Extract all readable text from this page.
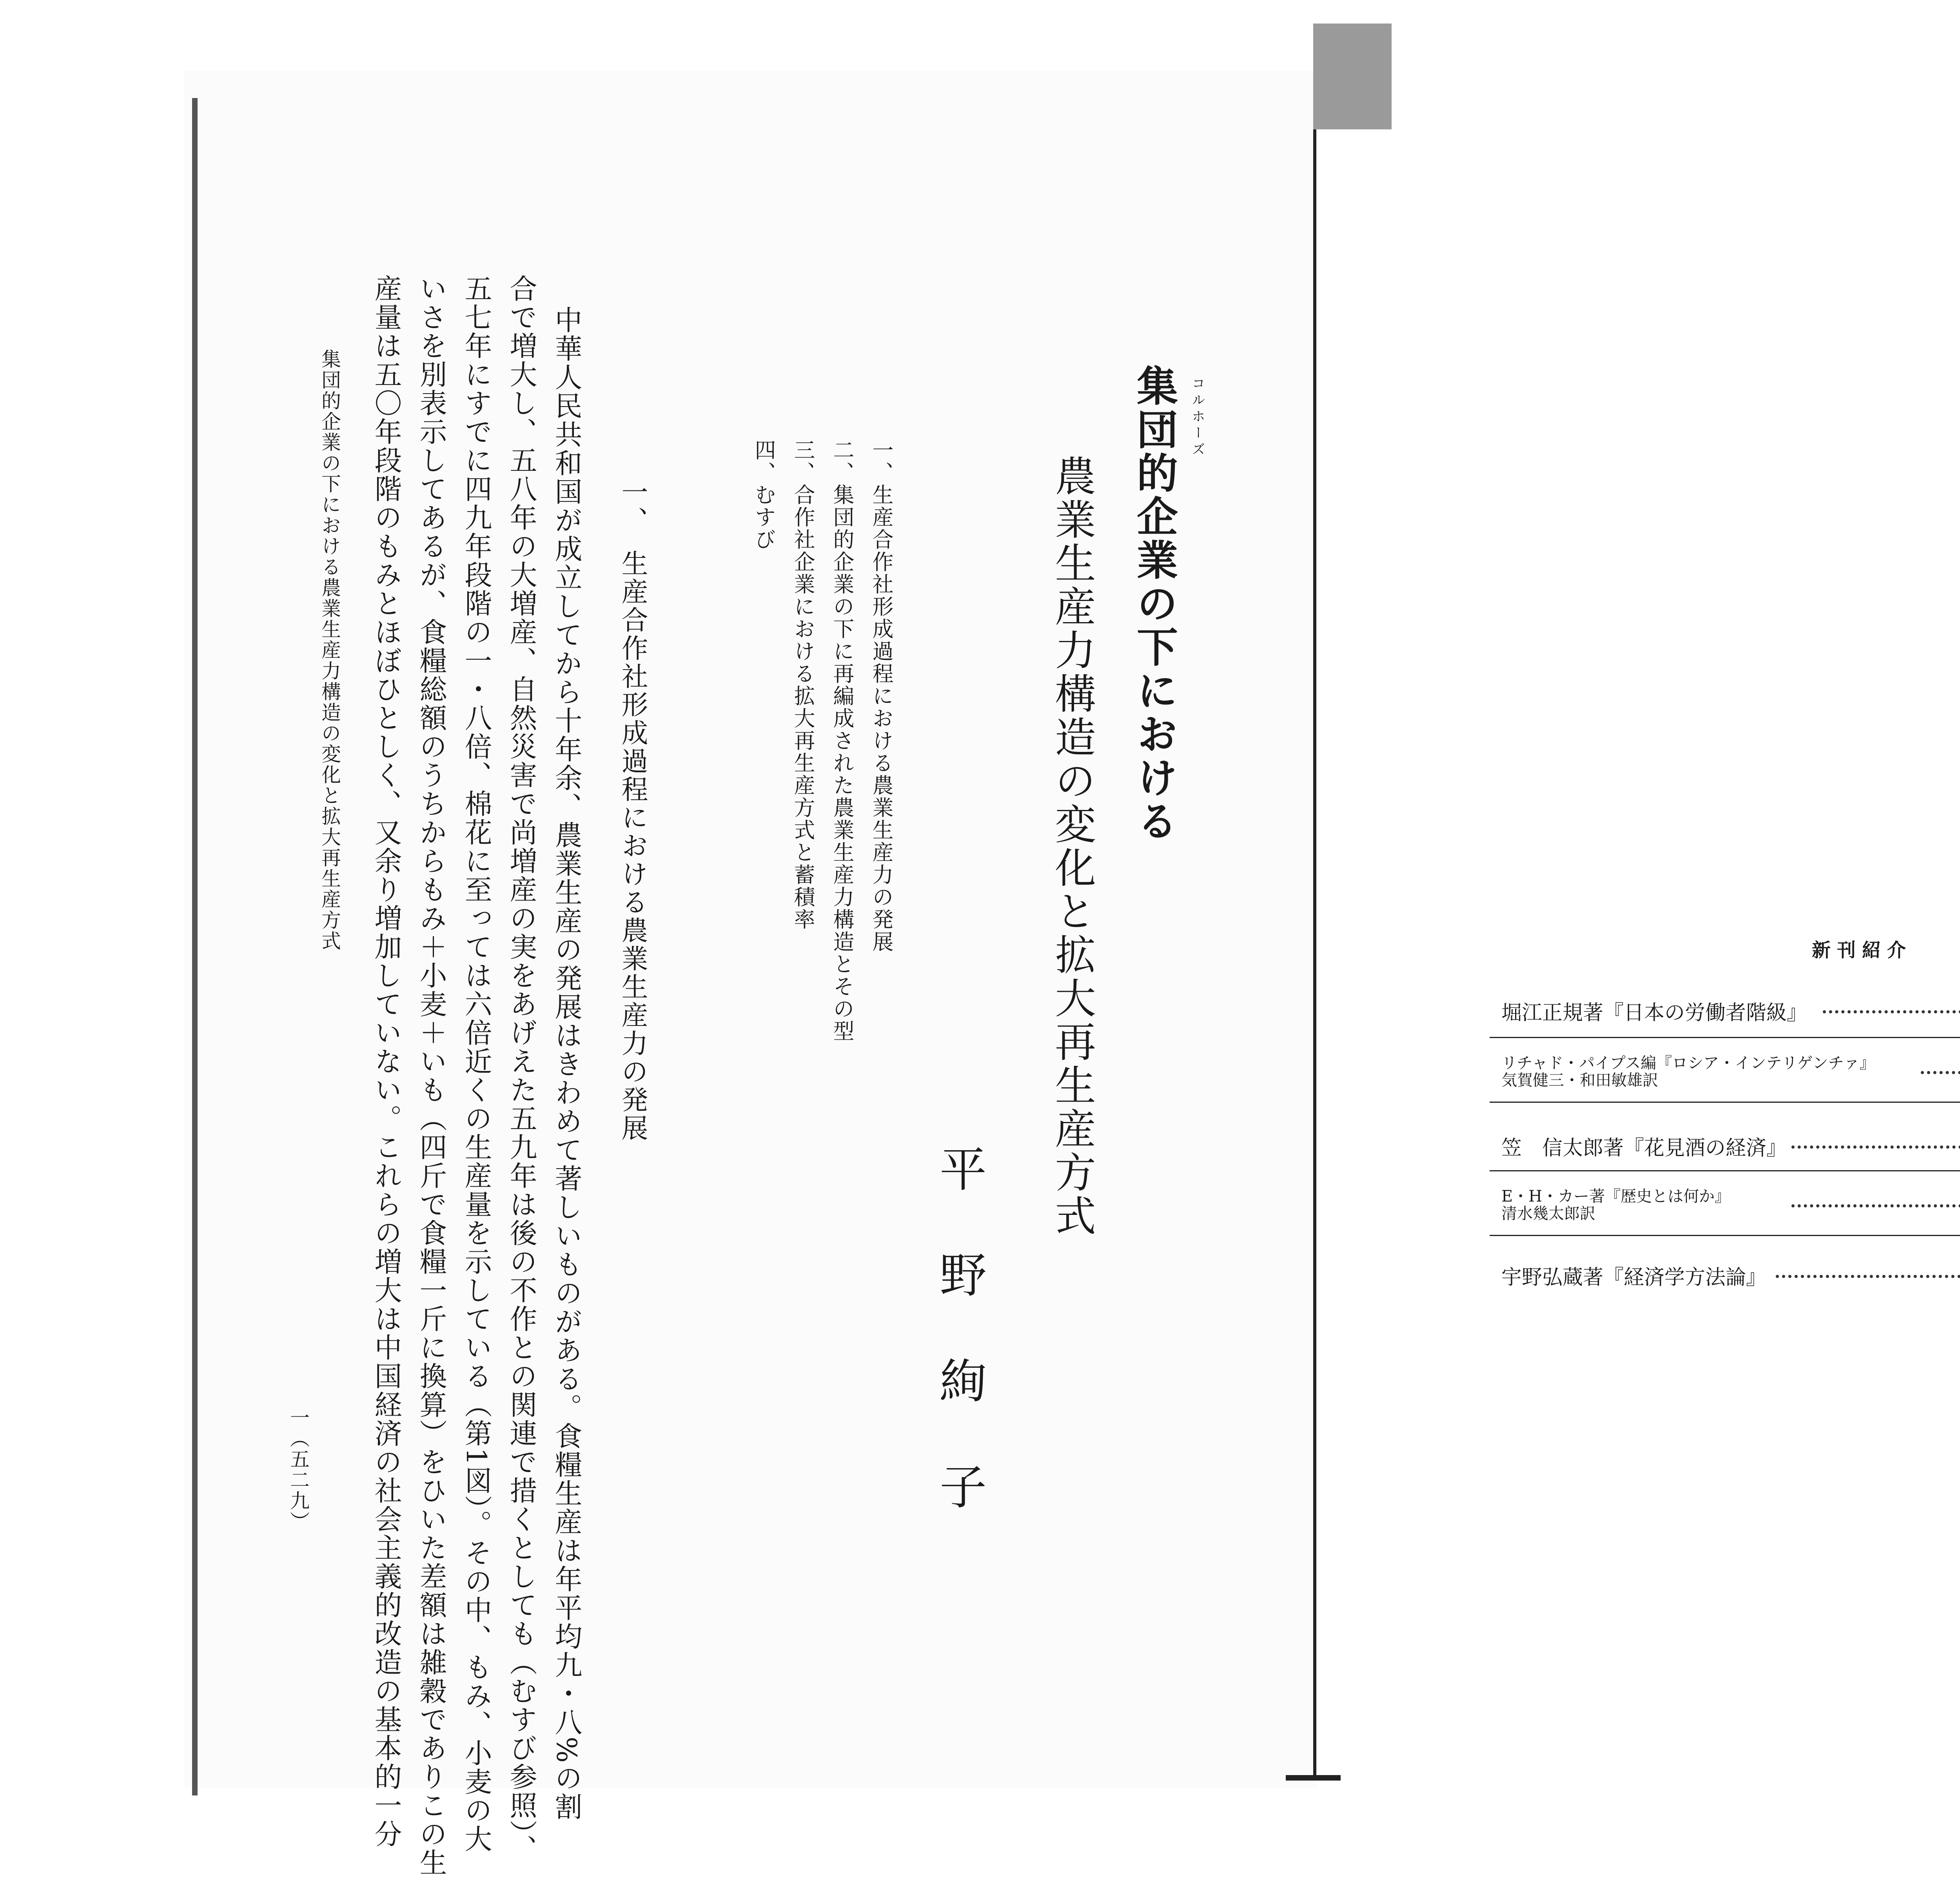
集団的企業の下における コルホーズ
農業生産力構造の変化と拡大再生産方式
平野絢子
一、生産合作社形成過程における農業生産力の発展
二、集団的企業の下に再編成された農業生産力構造とその型
三、合作社企業における拡大再生産方式と蓄積率
四、むすび
一、　生産合作社形成過程における農業生産力の発展
中華人民共和国が成立してから十年余、農業生産の発展はきわめて著しいものがある。食糧生産は年平均九・八%の割
合で増大し、五八年の大増産、自然災害で尚増産の実をあげえた五九年は後の不作との関連で措くとしても（むすび参照）、
五七年にすでに四九年段階の一・八倍、棉花に至っては六倍近くの生産量を示している（第1図）。その中、もみ、小麦の大
いさを別表示してあるが、食糧総額のうちからもみ＋小麦＋いも（四斤で食糧一斤に換算）をひいた差額は雑穀でありこの生
産量は五〇年段階のもみとほぼひとしく、又余り増加していない。これらの増大は中国経済の社会主義的改造の基本的一分
集団的企業の下における農業生産力構造の変化と拡大再生産方式
一（五二九）
新刊紹介
堀江正規著『日本の労働者階級』
リチャド・パイプス編『ロシア・インテリゲンチァ』
気賀健三・和田敏雄訳
笠　信太郎著『花見酒の経済』
E・H・カー著『歴史とは何か』
清水幾太郎訳
宇野弘蔵著『経済学方法論』
